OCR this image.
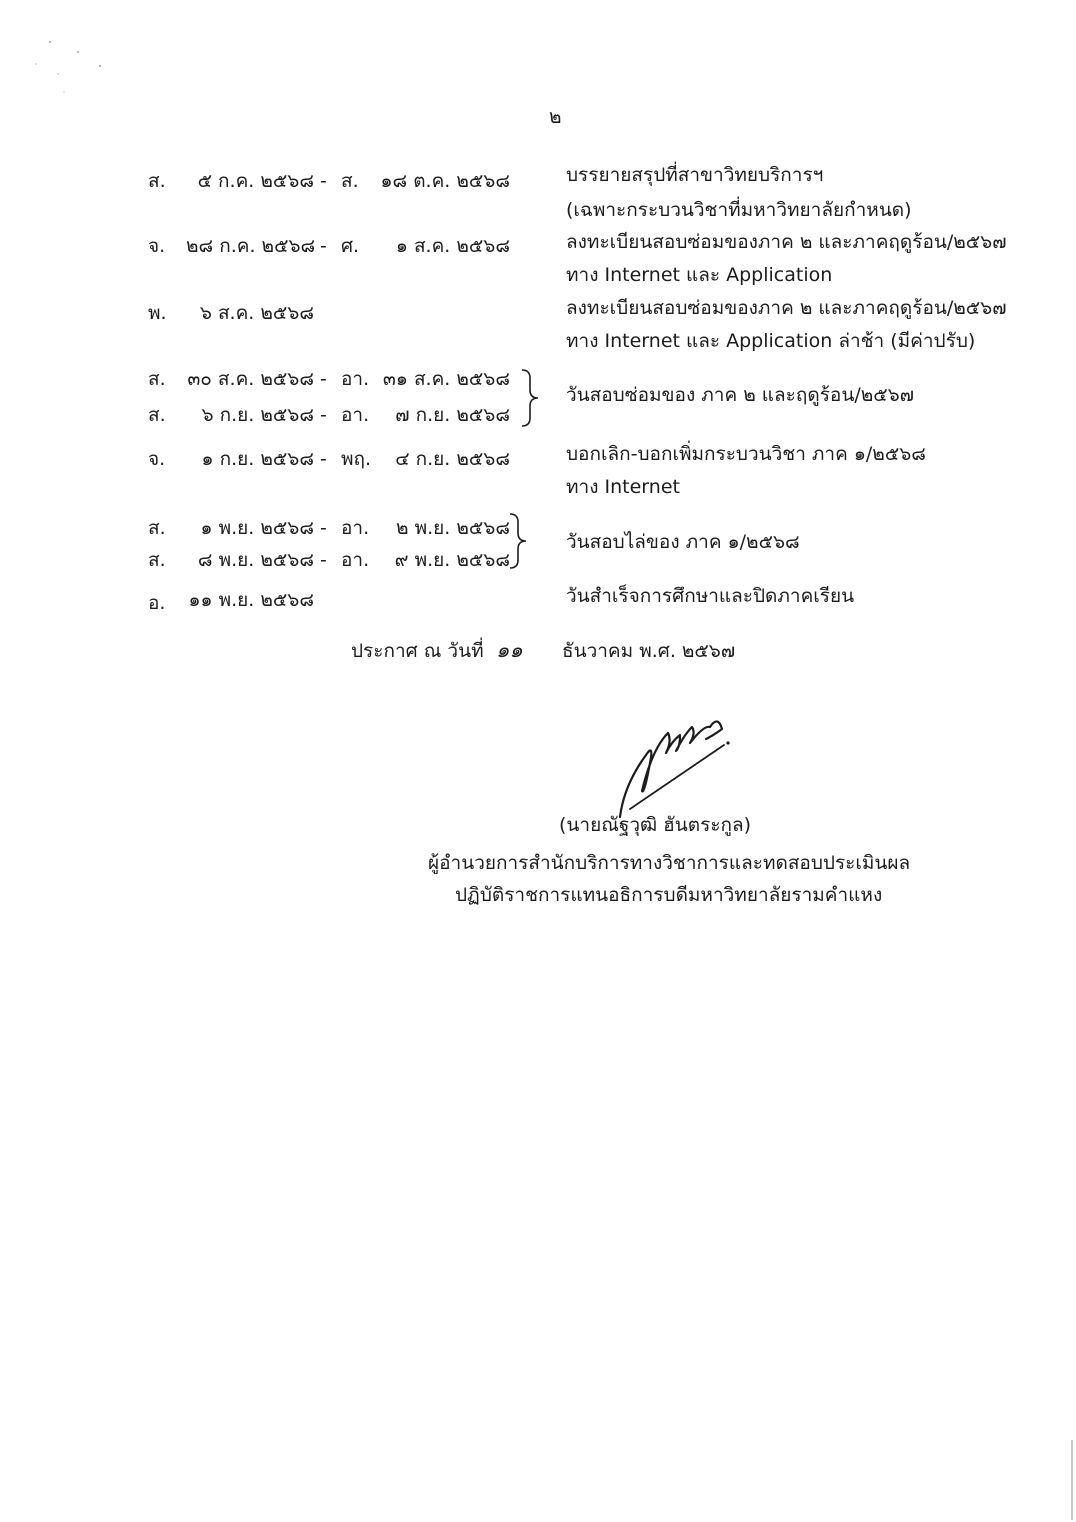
๒
ส.	๕ ก.ค. ๒๕๖๘ - ส. ๑๘ ต.ค. ๒๕๖๘	บรรยายสรุปที่สาขาวิทยบริการฯ
(เฉพาะกระบวนวิชาที่มหาวิทยาลัยกำหนด)
จ. ๒๘ ก.ค. ๒๕๖๘ - ศ.	๑ ส.ค. ๒๕๖๘	ลงทะเบียนสอบซ่อมของภาค ๒ และภาคฤดูร้อน/๒๕๖๗
ทาง Internet และ Application
พ.	๖ ส.ค. ๒๕๖๘	ลงทะเบียนสอบซ่อมของภาค ๒ และภาคฤดูร้อน/๒๕๖๗
ทาง Internet และ Application ล่าช้า (มีค่าปรับ)
ส. ๓๐ ส.ค. ๒๕๖๘ - อา. ๓๑ ส.ค. ๒๕๖๘
ส.	๖ ก.ย. ๒๕๖๘ - อา.	๗ ก.ย. ๒๕๖๘
วันสอบซ่อมของ ภาค ๒ และฤดูร้อน/๒๕๖๗
จ.	๑ ก.ย. ๒๕๖๘ - พฤ.	๔ ก.ย. ๒๕๖๘	บอกเลิก-บอกเพิ่มกระบวนวิชา ภาค ๑/๒๕๖๘
ทาง Internet
ส.	๑ พ.ย. ๒๕๖๘ - อา.	๒ พ.ย. ๒๕๖๘
ส.	๘ พ.ย. ๒๕๖๘ - อา.	๙ พ.ย. ๒๕๖๘
วันสอบไล่ของ ภาค ๑/๒๕๖๘
อ. ๑๑ พ.ย. ๒๕๖๘	วันสำเร็จการศึกษาและปิดภาคเรียน
ประกาศ ณ วันที่ ๑๑ ธันวาคม พ.ศ. ๒๕๖๗
(นายณัฐวุฒิ ฮันตระกูล)
ผู้อำนวยการสำนักบริการทางวิชาการและทดสอบประเมินผล
ปฏิบัติราชการแทนอธิการบดีมหาวิทยาลัยรามคำแหง
